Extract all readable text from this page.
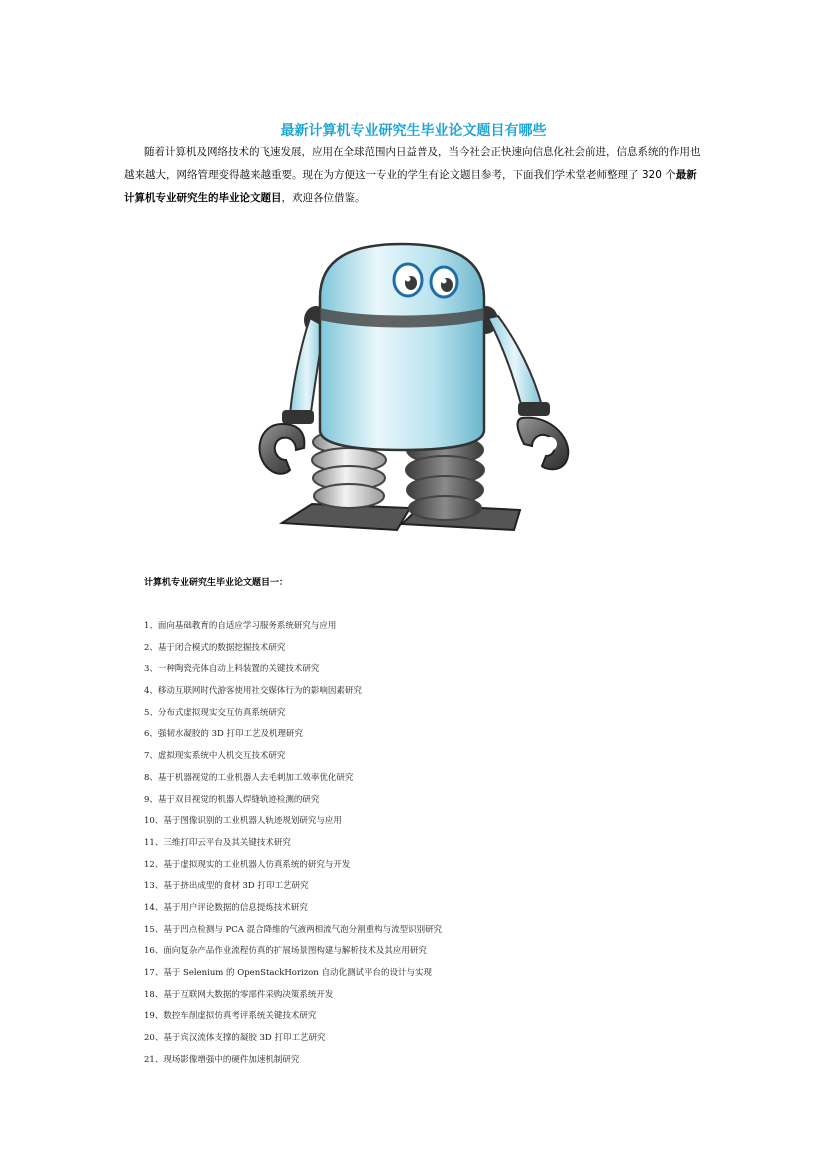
最新计算机专业研究生毕业论文题目有哪些

随着计算机及网络技术的飞速发展，应用在全球范围内日益普及，当今社会正快速向信息化社会前进，信息系统的作用也越来越大，网络管理变得越来越重要。现在为方便这一专业的学生有论文题目参考，下面我们学术堂老师整理了 320 个最新计算机专业研究生的毕业论文题目，欢迎各位借鉴。

计算机专业研究生毕业论文题目一：
1、面向基础教育的自适应学习服务系统研究与应用
2、基于闭合模式的数据挖掘技术研究
3、一种陶瓷壳体自动上料装置的关键技术研究
4、移动互联网时代游客使用社交媒体行为的影响因素研究
5、分布式虚拟现实交互仿真系统研究
6、强韧水凝胶的 3D 打印工艺及机理研究
7、虚拟现实系统中人机交互技术研究
8、基于机器视觉的工业机器人去毛刺加工效率优化研究
9、基于双目视觉的机器人焊缝轨迹检测的研究
10、基于图像识别的工业机器人轨迹规划研究与应用
11、三维打印云平台及其关键技术研究
12、基于虚拟现实的工业机器人仿真系统的研究与开发
13、基于挤出成型的食材 3D 打印工艺研究
14、基于用户评论数据的信息提炼技术研究
15、基于凹点检测与 PCA 混合降维的气液两相流气泡分割重构与流型识别研究
16、面向复杂产品作业流程仿真的扩展场景图构建与解析技术及其应用研究
17、基于 Selenium 的 OpenStackHorizon 自动化测试平台的设计与实现
18、基于互联网大数据的零部件采购决策系统开发
19、数控车削虚拟仿真考评系统关键技术研究
20、基于宾汉流体支撑的凝胶 3D 打印工艺研究
21、现场影像增强中的硬件加速机制研究
